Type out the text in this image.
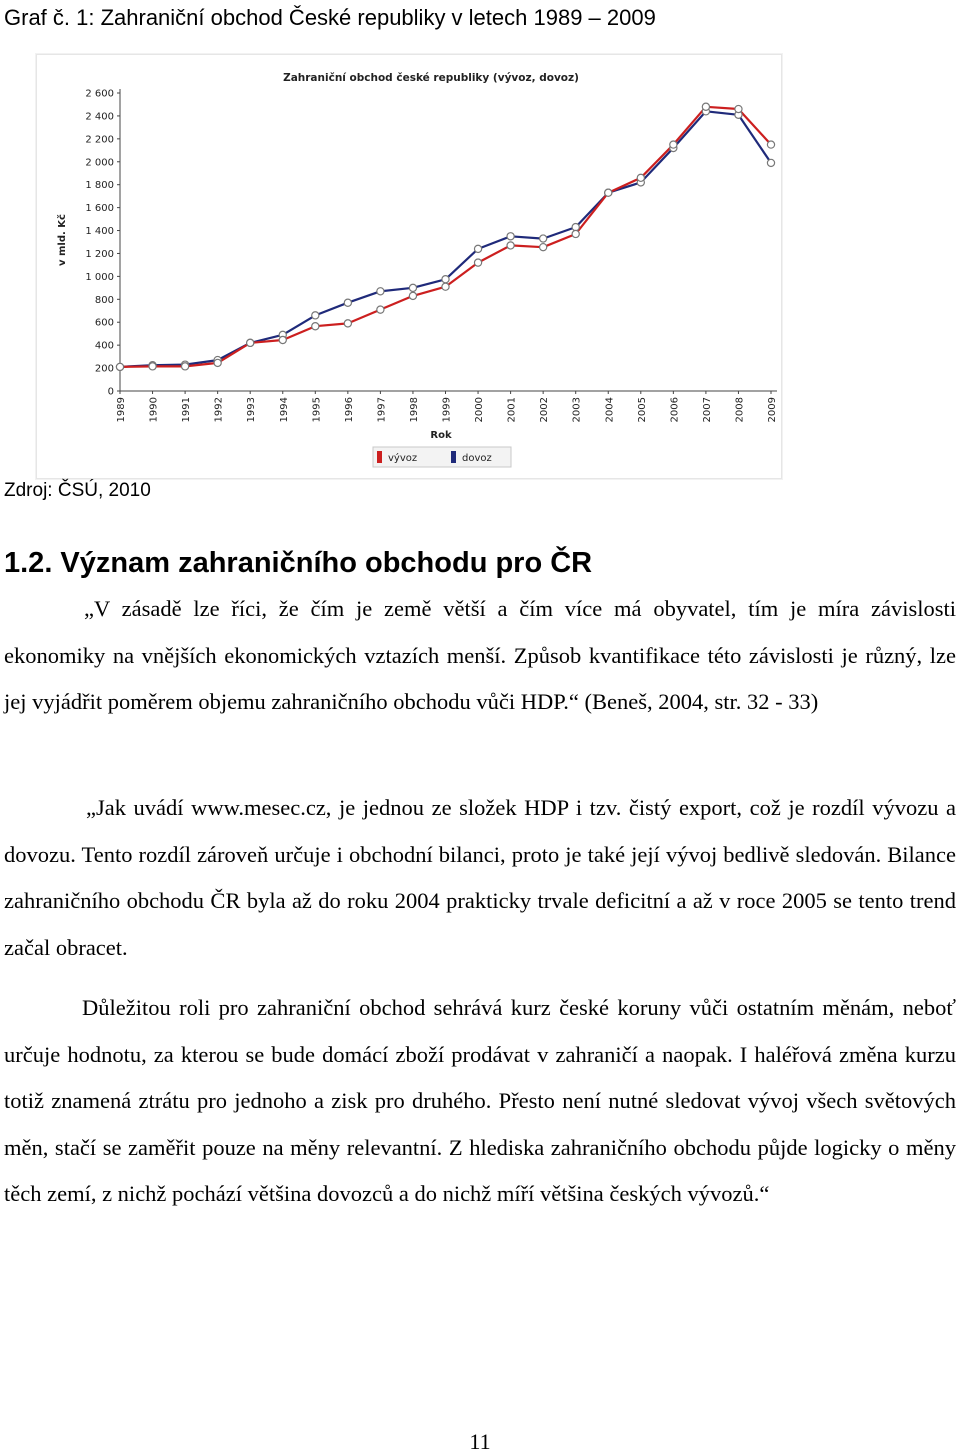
Graf č. 1: Zahraniční obchod České republiky v letech 1989 – 2009
Zahraniční obchod české republiky (vývoz, dovoz)
v mld. Kč
Rok
0
200
400
600
800
1 000
1 200
1 400
1 600
1 800
2 000
2 200
2 400
2 600
1989 1990 1991 1992 1993 1994 1995 1996 1997 1998 1999 2000 2001 2002 2003 2004 2005 2006 2007 2008 2009
vývoz	dovoz
Zdroj: ČSÚ, 2010
1.2. Význam zahraničního obchodu pro ČR
„V zásadě lze říci, že čím je země větší a čím více má obyvatel, tím je míra závislosti ekonomiky na vnějších ekonomických vztazích menší. Způsob kvantifikace této závislosti je různý, lze jej vyjádřit poměrem objemu zahraničního obchodu vůči HDP.“ (Beneš, 2004, str. 32 - 33)
„Jak uvádí www.mesec.cz, je jednou ze složek HDP i tzv. čistý export, což je rozdíl vývozu a dovozu. Tento rozdíl zároveň určuje i obchodní bilanci, proto je také její vývoj bedlivě sledován. Bilance zahraničního obchodu ČR byla až do roku 2004 prakticky trvale deficitní a až v roce 2005 se tento trend začal obracet.
Důležitou roli pro zahraniční obchod sehrává kurz české koruny vůči ostatním měnám, neboť určuje hodnotu, za kterou se bude domácí zboží prodávat v zahraničí a naopak. I haléřová změna kurzu totiž znamená ztrátu pro jednoho a zisk pro druhého. Přesto není nutné sledovat vývoj všech světových měn, stačí se zaměřit pouze na měny relevantní. Z hlediska zahraničního obchodu půjde logicky o měny těch zemí, z nichž pochází většina dovozců a do nichž míří většina českých vývozů.“
11
